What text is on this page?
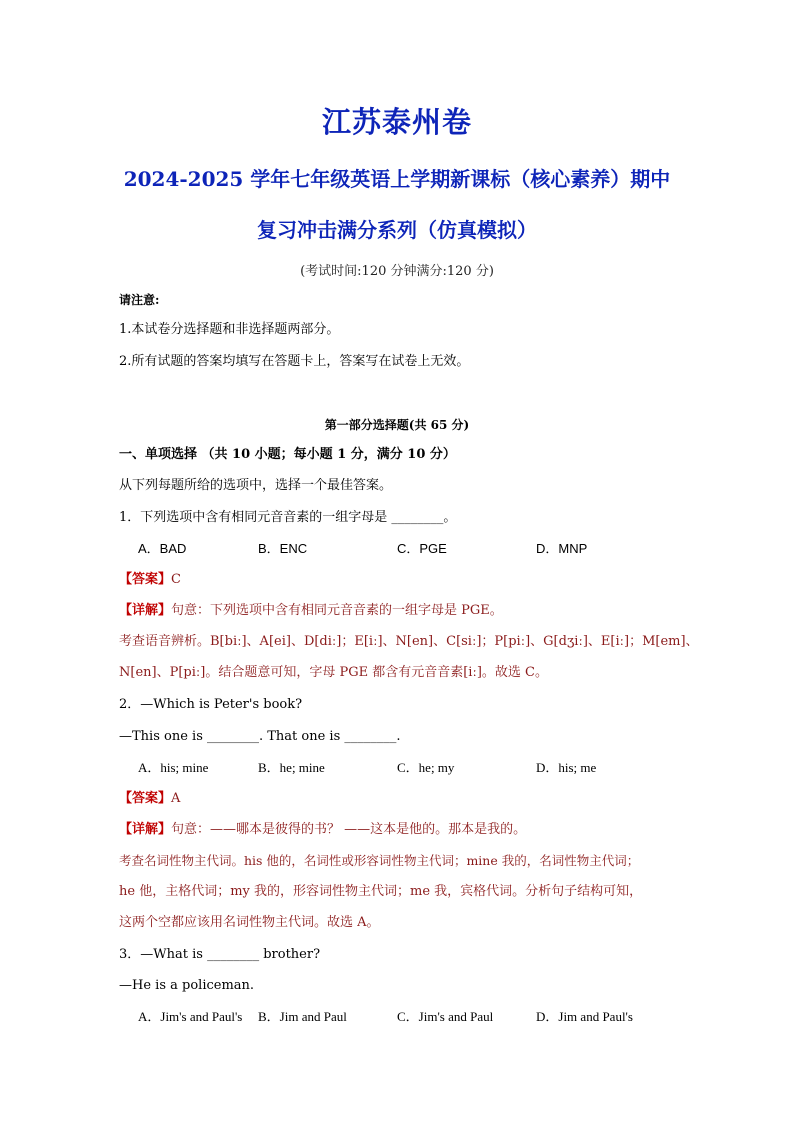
江苏泰州卷
2024-2025 学年七年级英语上学期新课标（核心素养）期中
复习冲击满分系列（仿真模拟）
(考试时间:120 分钟满分:120 分)
请注意:
1.本试卷分选择题和非选择题两部分。
2.所有试题的答案均填写在答题卡上，答案写在试卷上无效。
第一部分选择题(共 65 分)
一、单项选择 （共 10 小题；每小题 1 分，满分 10 分）
从下列每题所给的选项中，选择一个最佳答案。
1．下列选项中含有相同元音音素的一组字母是 ________。
A．BAD	B．ENC	C．PGE	D．MNP
【答案】C
【详解】句意：下列选项中含有相同元音音素的一组字母是 PGE。
考查语音辨析。B[biː]、A[ei]、D[diː]；E[iː]、N[en]、C[siː]；P[piː]、G[dʒiː]、E[iː]；M[em]、
N[en]、P[piː]。结合题意可知，字母 PGE 都含有元音音素[iː]。故选 C。
2．—Which is Peter's book?
—This one is ________. That one is ________.
A．his; mine	B．he; mine	C．he; my	D．his; me
【答案】A
【详解】句意：——哪本是彼得的书？ ——这本是他的。那本是我的。
考查名词性物主代词。his 他的，名词性或形容词性物主代词；mine 我的，名词性物主代词；
he 他，主格代词；my 我的，形容词性物主代词；me 我，宾格代词。分析句子结构可知，
这两个空都应该用名词性物主代词。故选 A。
3．—What is ________ brother?
—He is a policeman.
A．Jim's and Paul's B．Jim and Paul	C．Jim's and Paul	D．Jim and Paul's
